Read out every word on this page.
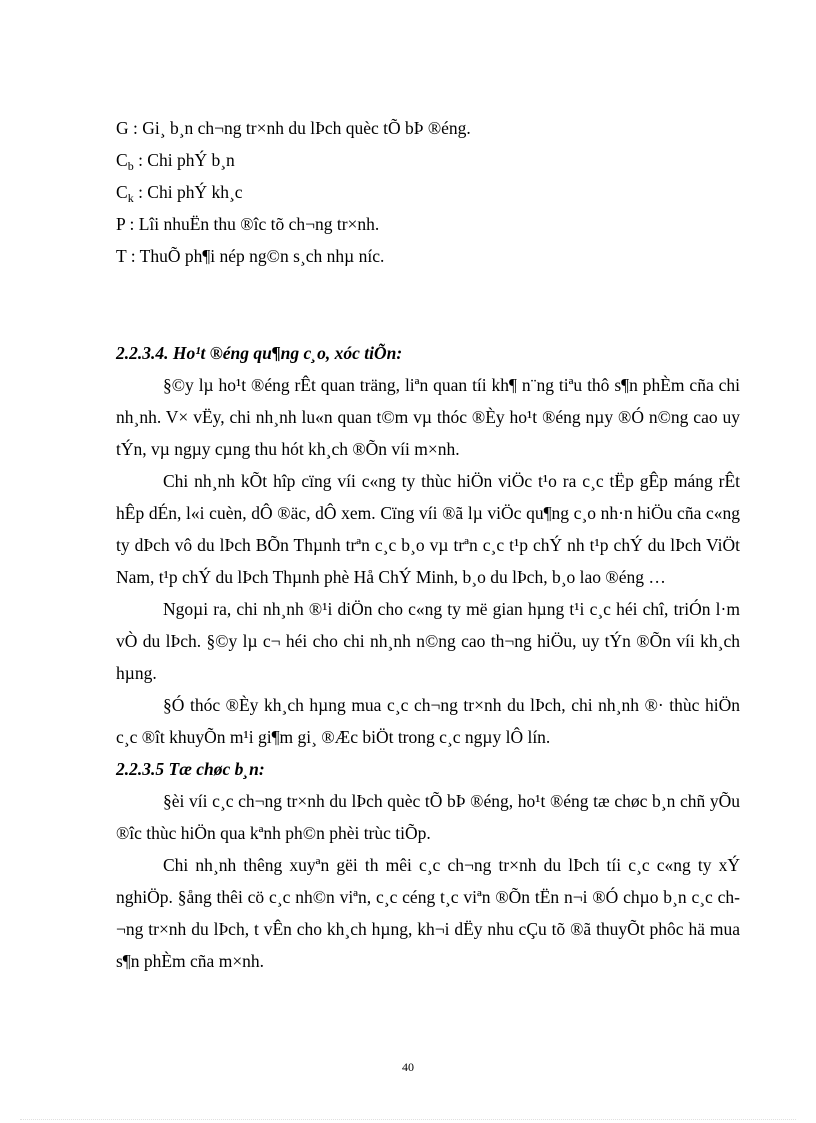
G : Gi¸ b¸n ch¬ng tr×nh du lÞch quèc tÕ bÞ ®éng.
$C_b$ : Chi phÝ b¸n
$C_k$ : Chi phÝ kh¸c
P : Lîi nhuËn thu ®îc tõ ch¬ng tr×nh.
T : ThuÕ ph¶i nép ng©n s¸ch nhµ níc.
2.2.3.4. Ho¹t ®éng qu¶ng c¸o, xóc tiÕn:

§©y lµ ho¹t ®éng rÊt quan träng, liªn quan tíi kh¶ n¨ng tiªu thô s¶n phÈm cña chi nh¸nh. V× vËy, chi nh¸nh lu«n quan t©m vµ thóc ®Èy ho¹t ®éng nµy ®Ó n©ng cao uy tÝn, vµ ngµy cµng thu hót kh¸ch ®Õn víi m×nh.

Chi nh¸nh kÕt hîp cïng víi c«ng ty thùc hiÖn viÖc t¹o ra c¸c tËp gÊp máng rÊt hÊp dÉn, l«i cuèn, dÔ ®äc, dÔ xem. Cïng víi ®ã lµ viÖc qu¶ng c¸o nh·n hiÖu cña c«ng ty dÞch vô du lÞch BÕn Thµnh trªn c¸c b¸o vµ trªn c¸c t¹p chÝ nh t¹p chÝ du lÞch ViÖt Nam, t¹p chÝ du lÞch Thµnh phè Hå ChÝ Minh, b¸o du lÞch, b¸o lao ®éng …

Ngoµi ra, chi nh¸nh ®¹i diÖn cho c«ng ty më gian hµng t¹i c¸c héi chî, triÓn l·m vÒ du lÞch. §©y lµ c¬ héi cho chi nh¸nh n©ng cao th¬ng hiÖu, uy tÝn ®Õn víi kh¸ch hµng.

§Ó thóc ®Èy kh¸ch hµng mua c¸c ch¬ng tr×nh du lÞch, chi nh¸nh ®· thùc hiÖn c¸c ®ît khuyÕn m¹i gi¶m gi¸ ®Æc biÖt trong c¸c ngµy lÔ lín.

2.2.3.5 Tæ chøc b¸n:

§èi víi c¸c ch¬ng tr×nh du lÞch quèc tÕ bÞ ®éng, ho¹t ®éng tæ chøc b¸n chñ yÕu ®îc thùc hiÖn qua kªnh ph©n phèi trùc tiÕp.

Chi nh¸nh thêng xuyªn gëi th mêi c¸c ch¬ng tr×nh du lÞch tíi c¸c c«ng ty xÝ nghiÖp. §ång thêi cö c¸c nh©n viªn, c¸c céng t¸c viªn ®Õn tËn n¬i ®Ó chµo b¸n c¸c ch¬ng tr×nh du lÞch, t vÊn cho kh¸ch hµng, kh¬i dËy nhu cÇu tõ ®ã thuyÕt phôc hä mua s¶n phÈm cña m×nh.

40
